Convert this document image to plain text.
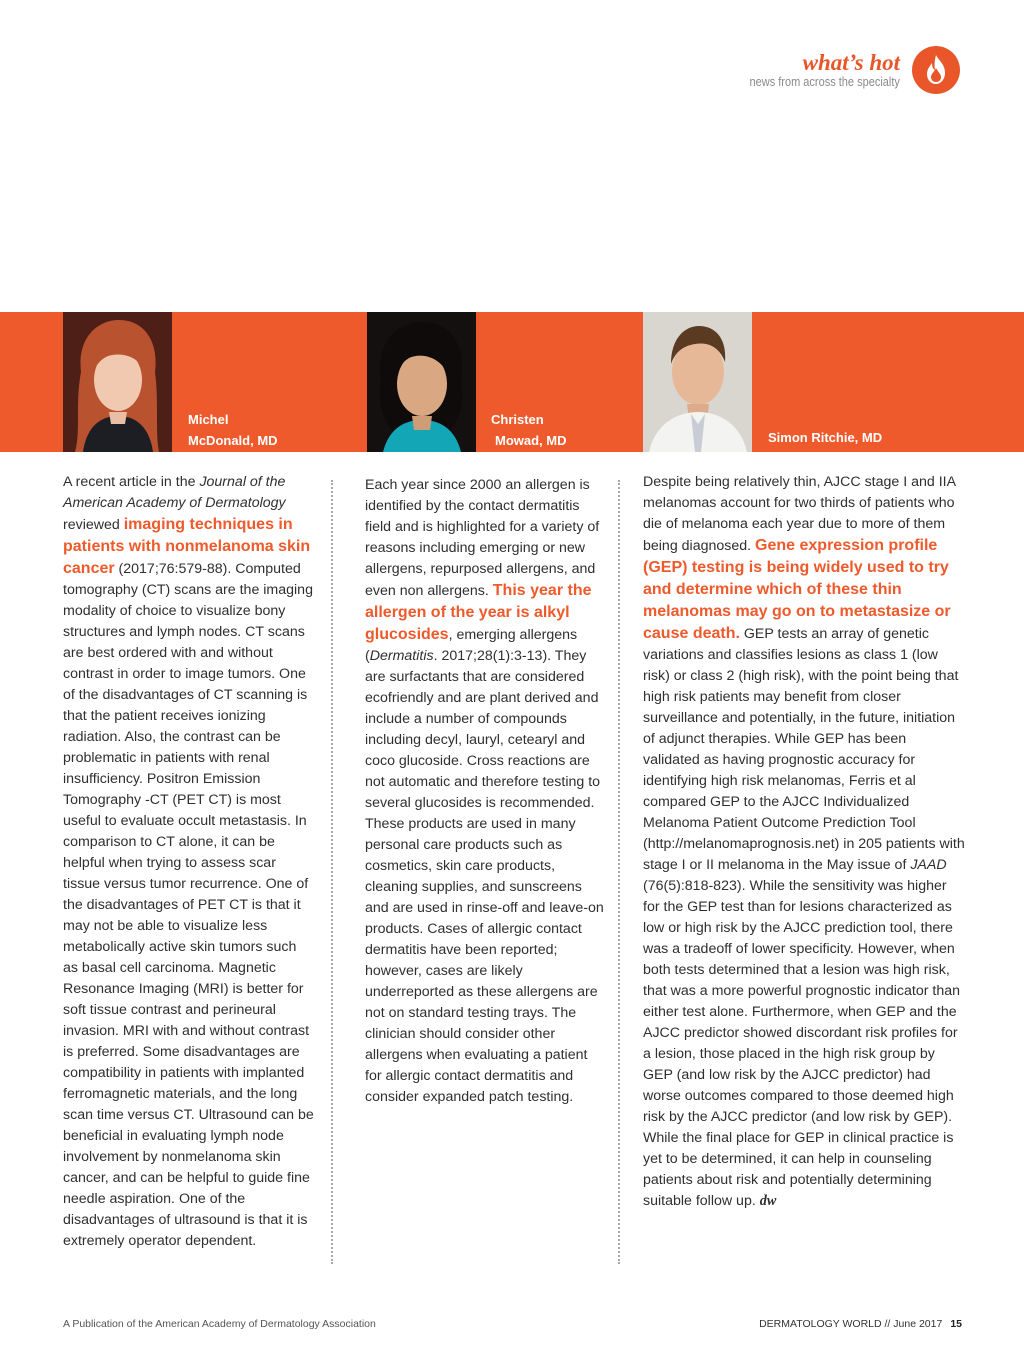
what’s hot
news from across the specialty
Michel
McDonald, MD
Christen
Mowad, MD	Simon Ritchie, MD

A recent article in the Journal of the American Academy of Dermatology reviewed imaging techniques in patients with nonmelanoma skin cancer (2017;76:579-88). Computed tomography (CT) scans are the imaging modality of choice to visualize bony structures and lymph nodes. CT scans are best ordered with and without contrast in order to image tumors. One of the disadvantages of CT scanning is that the patient receives ionizing radiation. Also, the contrast can be problematic in patients with renal insufficiency. Positron Emission Tomography -CT (PET CT) is most useful to evaluate occult metastasis. In comparison to CT alone, it can be helpful when trying to assess scar tissue versus tumor recurrence. One of the disadvantages of PET CT is that it may not be able to visualize less metabolically active skin tumors such as basal cell carcinoma. Magnetic Resonance Imaging (MRI) is better for soft tissue contrast and perineural invasion. MRI with and without contrast is preferred. Some disadvantages are compatibility in patients with implanted ferromagnetic materials, and the long scan time versus CT. Ultrasound can be beneficial in evaluating lymph node involvement by nonmelanoma skin cancer, and can be helpful to guide fine needle aspiration. One of the disadvantages of ultrasound is that it is extremely operator dependent.

Each year since 2000 an allergen is identified by the contact dermatitis field and is highlighted for a variety of reasons including emerging or new allergens, repurposed allergens, and even non allergens. This year the allergen of the year is alkyl glucosides, emerging allergens (Dermatitis. 2017;28(1):3-13). They are surfactants that are considered ecofriendly and are plant derived and include a number of compounds including decyl, lauryl, cetearyl and coco glucoside. Cross reactions are not automatic and therefore testing to several glucosides is recommended. These products are used in many personal care products such as cosmetics, skin care products, cleaning supplies, and sunscreens and are used in rinse-off and leave-on products. Cases of allergic contact dermatitis have been reported; however, cases are likely underreported as these allergens are not on standard testing trays. The clinician should consider other allergens when evaluating a patient for allergic contact dermatitis and consider expanded patch testing.

Despite being relatively thin, AJCC stage I and IIA melanomas account for two thirds of patients who die of melanoma each year due to more of them being diagnosed. Gene expression profile (GEP) testing is being widely used to try and determine which of these thin melanomas may go on to metastasize or cause death. GEP tests an array of genetic variations and classifies lesions as class 1 (low risk) or class 2 (high risk), with the point being that high risk patients may benefit from closer surveillance and potentially, in the future, initiation of adjunct therapies. While GEP has been validated as having prognostic accuracy for identifying high risk melanomas, Ferris et al compared GEP to the AJCC Individualized Melanoma Patient Outcome Prediction Tool (http://melanomaprognosis.net) in 205 patients with stage I or II melanoma in the May issue of JAAD (76(5):818-823). While the sensitivity was higher for the GEP test than for lesions characterized as low or high risk by the AJCC prediction tool, there was a tradeoff of lower specificity. However, when both tests determined that a lesion was high risk, that was a more powerful prognostic indicator than either test alone. Furthermore, when GEP and the AJCC predictor showed discordant risk profiles for a lesion, those placed in the high risk group by GEP (and low risk by the AJCC predictor) had worse outcomes compared to those deemed high risk by the AJCC predictor (and low risk by GEP). While the final place for GEP in clinical practice is yet to be determined, it can help in counseling patients about risk and potentially determining suitable follow up. dw

A Publication of the American Academy of Dermatology Association	DERMATOLOGY WORLD // June 2017 15
